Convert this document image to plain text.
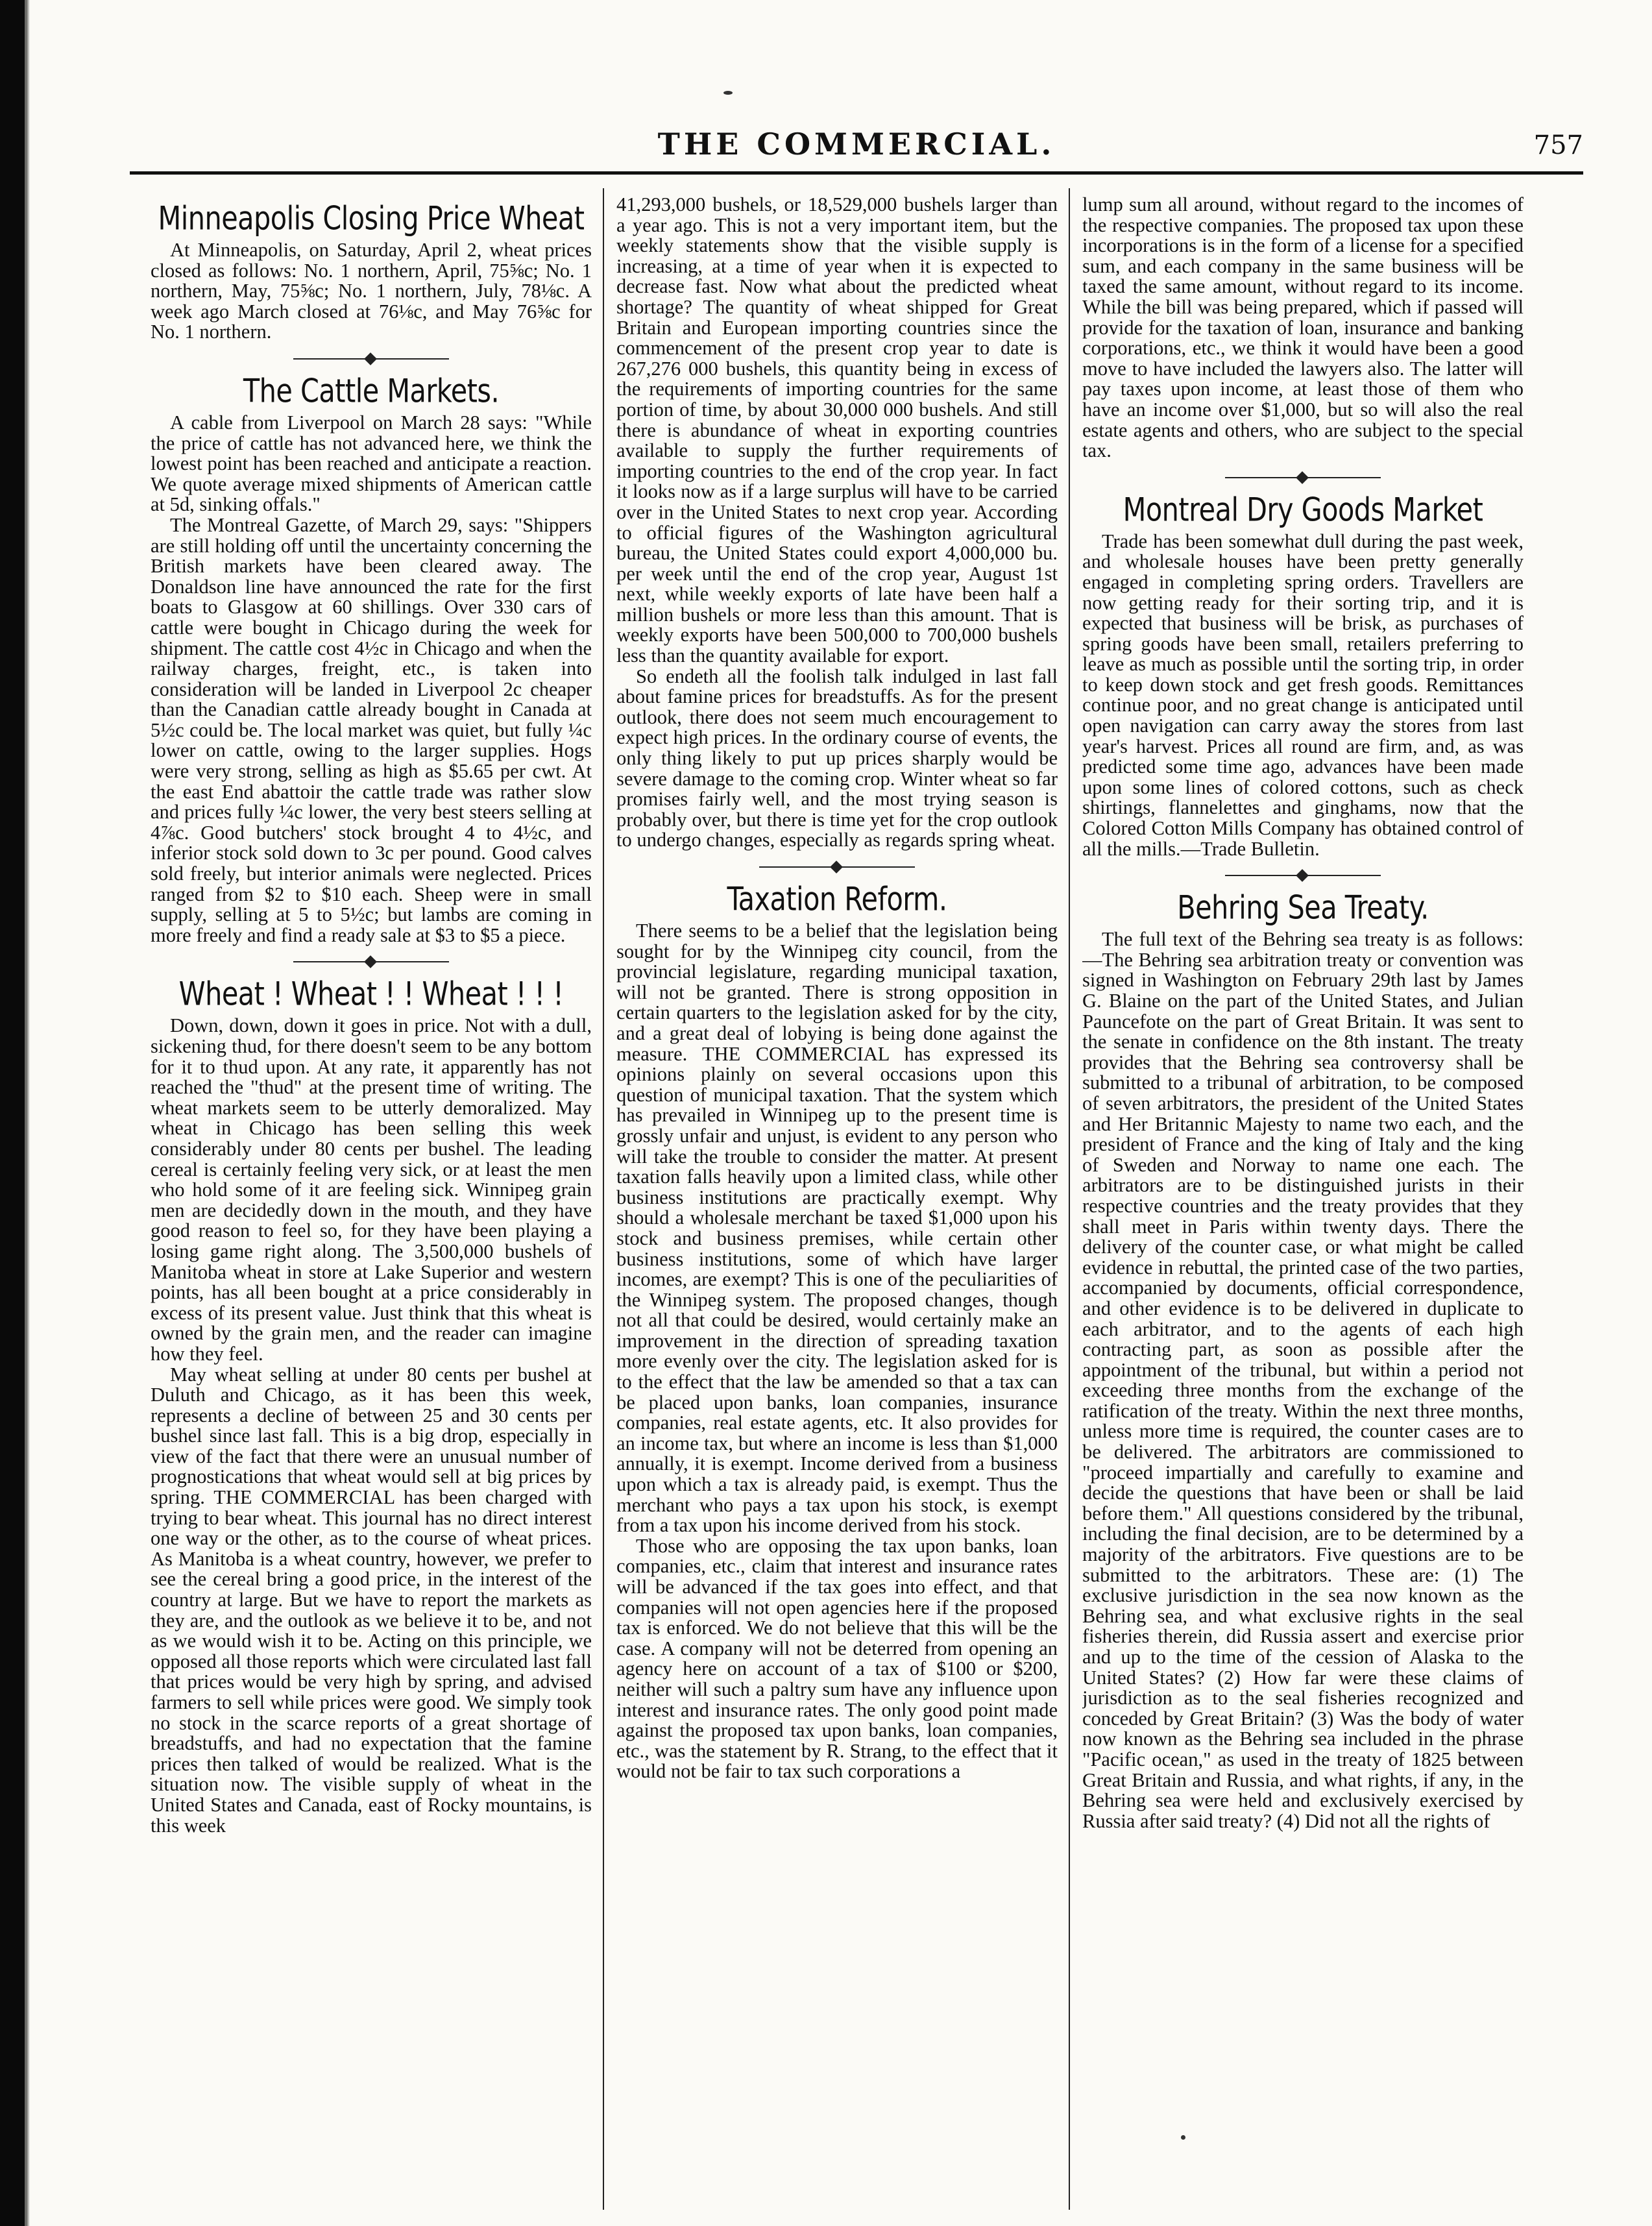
THE COMMERCIAL.	757
Minneapolis Closing Price Wheat

At Minneapolis, on Saturday, April 2, wheat prices closed as follows: No. 1 northern, April, 75⅝c; No. 1 northern, May, 75⅝c; No. 1 northern, July, 78⅛c. A week ago March closed at 76⅛c, and May 76⅝c for No. 1 northern.

The Cattle Markets.

A cable from Liverpool on March 28 says: "While the price of cattle has not advanced here, we think the lowest point has been reached and anticipate a reaction. We quote average mixed shipments of American cattle at 5d, sinking offals."

The Montreal Gazette, of March 29, says: "Shippers are still holding off until the uncertainty concerning the British markets have been cleared away. The Donaldson line have announced the rate for the first boats to Glasgow at 60 shillings. Over 330 cars of cattle were bought in Chicago during the week for shipment. The cattle cost 4½c in Chicago and when the railway charges, freight, etc., is taken into consideration will be landed in Liverpool 2c cheaper than the Canadian cattle already bought in Canada at 5½c could be. The local market was quiet, but fully ¼c lower on cattle, owing to the larger supplies. Hogs were very strong, selling as high as $5.65 per cwt. At the east End abattoir the cattle trade was rather slow and prices fully ¼c lower, the very best steers selling at 4⅞c. Good butchers' stock brought 4 to 4½c, and inferior stock sold down to 3c per pound. Good calves sold freely, but interior animals were neglected. Prices ranged from $2 to $10 each. Sheep were in small supply, selling at 5 to 5½c; but lambs are coming in more freely and find a ready sale at $3 to $5 a piece.

Wheat ! Wheat ! ! Wheat ! ! !

Down, down, down it goes in price. Not with a dull, sickening thud, for there doesn't seem to be any bottom for it to thud upon. At any rate, it apparently has not reached the "thud" at the present time of writing. The wheat markets seem to be utterly demoralized. May wheat in Chicago has been selling this week considerably under 80 cents per bushel. The leading cereal is certainly feeling very sick, or at least the men who hold some of it are feeling sick. Winnipeg grain men are decidedly down in the mouth, and they have good reason to feel so, for they have been playing a losing game right along. The 3,500,000 bushels of Manitoba wheat in store at Lake Superior and western points, has all been bought at a price considerably in excess of its present value. Just think that this wheat is owned by the grain men, and the reader can imagine how they feel.

May wheat selling at under 80 cents per bushel at Duluth and Chicago, as it has been this week, represents a decline of between 25 and 30 cents per bushel since last fall. This is a big drop, especially in view of the fact that there were an unusual number of prognostications that wheat would sell at big prices by spring. THE COMMERCIAL has been charged with trying to bear wheat. This journal has no direct interest one way or the other, as to the course of wheat prices. As Manitoba is a wheat country, however, we prefer to see the cereal bring a good price, in the interest of the country at large. But we have to report the markets as they are, and the outlook as we believe it to be, and not as we would wish it to be. Acting on this principle, we opposed all those reports which were circulated last fall that prices would be very high by spring, and advised farmers to sell while prices were good. We simply took no stock in the scarce reports of a great shortage of breadstuffs, and had no expectation that the famine prices then talked of would be realized. What is the situation now. The visible supply of wheat in the United States and Canada, east of Rocky mountains, is this week

41,293,000 bushels, or 18,529,000 bushels larger than a year ago. This is not a very important item, but the weekly statements show that the visible supply is increasing, at a time of year when it is expected to decrease fast. Now what about the predicted wheat shortage? The quantity of wheat shipped for Great Britain and European importing countries since the commencement of the present crop year to date is 267,276 000 bushels, this quantity being in excess of the requirements of importing countries for the same portion of time, by about 30,000 000 bushels. And still there is abundance of wheat in exporting countries available to supply the further requirements of importing countries to the end of the crop year. In fact it looks now as if a large surplus will have to be carried over in the United States to next crop year. According to official figures of the Washington agricultural bureau, the United States could export 4,000,000 bu. per week until the end of the crop year, August 1st next, while weekly exports of late have been half a million bushels or more less than this amount. That is weekly exports have been 500,000 to 700,000 bushels less than the quantity available for export.

So endeth all the foolish talk indulged in last fall about famine prices for breadstuffs. As for the present outlook, there does not seem much encouragement to expect high prices. In the ordinary course of events, the only thing likely to put up prices sharply would be severe damage to the coming crop. Winter wheat so far promises fairly well, and the most trying season is probably over, but there is time yet for the crop outlook to undergo changes, especially as regards spring wheat.

Taxation Reform.

There seems to be a belief that the legislation being sought for by the Winnipeg city council, from the provincial legislature, regarding municipal taxation, will not be granted. There is strong opposition in certain quarters to the legislation asked for by the city, and a great deal of lobying is being done against the measure. THE COMMERCIAL has expressed its opinions plainly on several occasions upon this question of municipal taxation. That the system which has prevailed in Winnipeg up to the present time is grossly unfair and unjust, is evident to any person who will take the trouble to consider the matter. At present taxation falls heavily upon a limited class, while other business institutions are practically exempt. Why should a wholesale merchant be taxed $1,000 upon his stock and business premises, while certain other business institutions, some of which have larger incomes, are exempt? This is one of the peculiarities of the Winnipeg system. The proposed changes, though not all that could be desired, would certainly make an improvement in the direction of spreading taxation more evenly over the city. The legislation asked for is to the effect that the law be amended so that a tax can be placed upon banks, loan companies, insurance companies, real estate agents, etc. It also provides for an income tax, but where an income is less than $1,000 annually, it is exempt. Income derived from a business upon which a tax is already paid, is exempt. Thus the merchant who pays a tax upon his stock, is exempt from a tax upon his income derived from his stock.

Those who are opposing the tax upon banks, loan companies, etc., claim that interest and insurance rates will be advanced if the tax goes into effect, and that companies will not open agencies here if the proposed tax is enforced. We do not believe that this will be the case. A company will not be deterred from opening an agency here on account of a tax of $100 or $200, neither will such a paltry sum have any influence upon interest and insurance rates. The only good point made against the proposed tax upon banks, loan companies, etc., was the statement by R. Strang, to the effect that it would not be fair to tax such corporations a

lump sum all around, without regard to the incomes of the respective companies. The proposed tax upon these incorporations is in the form of a license for a specified sum, and each company in the same business will be taxed the same amount, without regard to its income. While the bill was being prepared, which if passed will provide for the taxation of loan, insurance and banking corporations, etc., we think it would have been a good move to have included the lawyers also. The latter will pay taxes upon income, at least those of them who have an income over $1,000, but so will also the real estate agents and others, who are subject to the special tax.

Montreal Dry Goods Market

Trade has been somewhat dull during the past week, and wholesale houses have been pretty generally engaged in completing spring orders. Travellers are now getting ready for their sorting trip, and it is expected that business will be brisk, as purchases of spring goods have been small, retailers preferring to leave as much as possible until the sorting trip, in order to keep down stock and get fresh goods. Remittances continue poor, and no great change is anticipated until open navigation can carry away the stores from last year's harvest. Prices all round are firm, and, as was predicted some time ago, advances have been made upon some lines of colored cottons, such as check shirtings, flannelettes and ginghams, now that the Colored Cotton Mills Company has obtained control of all the mills.—Trade Bulletin.

Behring Sea Treaty.

The full text of the Behring sea treaty is as follows:—The Behring sea arbitration treaty or convention was signed in Washington on February 29th last by James G. Blaine on the part of the United States, and Julian Pauncefote on the part of Great Britain. It was sent to the senate in confidence on the 8th instant. The treaty provides that the Behring sea controversy shall be submitted to a tribunal of arbitration, to be composed of seven arbitrators, the president of the United States and Her Britannic Majesty to name two each, and the president of France and the king of Italy and the king of Sweden and Norway to name one each. The arbitrators are to be distinguished jurists in their respective countries and the treaty provides that they shall meet in Paris within twenty days. There the delivery of the counter case, or what might be called evidence in rebuttal, the printed case of the two parties, accompanied by documents, official correspondence, and other evidence is to be delivered in duplicate to each arbitrator, and to the agents of each high contracting part, as soon as possible after the appointment of the tribunal, but within a period not exceeding three months from the exchange of the ratification of the treaty. Within the next three months, unless more time is required, the counter cases are to be delivered. The arbitrators are commissioned to "proceed impartially and carefully to examine and decide the questions that have been or shall be laid before them." All questions considered by the tribunal, including the final decision, are to be determined by a majority of the arbitrators. Five questions are to be submitted to the arbitrators. These are: (1) The exclusive jurisdiction in the sea now known as the Behring sea, and what exclusive rights in the seal fisheries therein, did Russia assert and exercise prior and up to the time of the cession of Alaska to the United States? (2) How far were these claims of jurisdiction as to the seal fisheries recognized and conceded by Great Britain? (3) Was the body of water now known as the Behring sea included in the phrase "Pacific ocean," as used in the treaty of 1825 between Great Britain and Russia, and what rights, if any, in the Behring sea were held and exclusively exercised by Russia after said treaty? (4) Did not all the rights of
